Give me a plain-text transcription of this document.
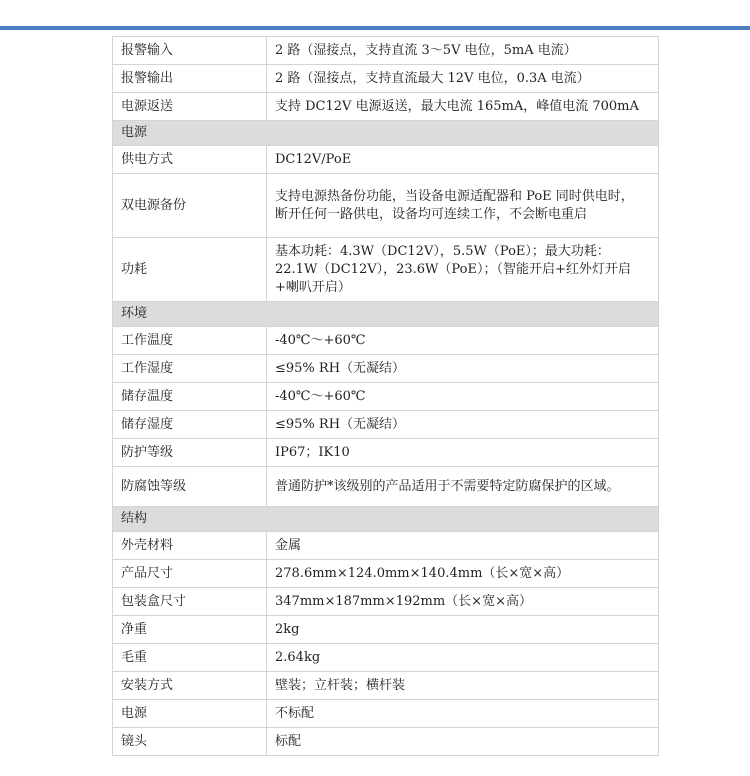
报警输入	2 路（湿接点，支持直流 3～5V 电位，5mA 电流）
报警输出	2 路（湿接点，支持直流最大 12V 电位，0.3A 电流）
电源返送	支持 DC12V 电源返送，最大电流 165mA，峰值电流 700mA
电源	
供电方式	DC12V/PoE
双电源备份	支持电源热备份功能，当设备电源适配器和 PoE 同时供电时，断开任何一路供电，设备均可连续工作，不会断电重启
功耗	基本功耗：4.3W（DC12V），5.5W（PoE）；最大功耗：22.1W（DC12V），23.6W（PoE）；（智能开启+红外灯开启+喇叭开启）
环境	
工作温度	-40℃～+60℃
工作湿度	≤95% RH（无凝结）
储存温度	-40℃～+60℃
储存湿度	≤95% RH（无凝结）
防护等级	IP67；IK10
防腐蚀等级	普通防护*该级别的产品适用于不需要特定防腐保护的区域。
结构	
外壳材料	金属
产品尺寸	278.6mm×124.0mm×140.4mm（长×宽×高）
包装盒尺寸	347mm×187mm×192mm（长×宽×高）
净重	2kg
毛重	2.64kg
安装方式	壁装；立杆装；横杆装
电源	不标配
镜头	标配
